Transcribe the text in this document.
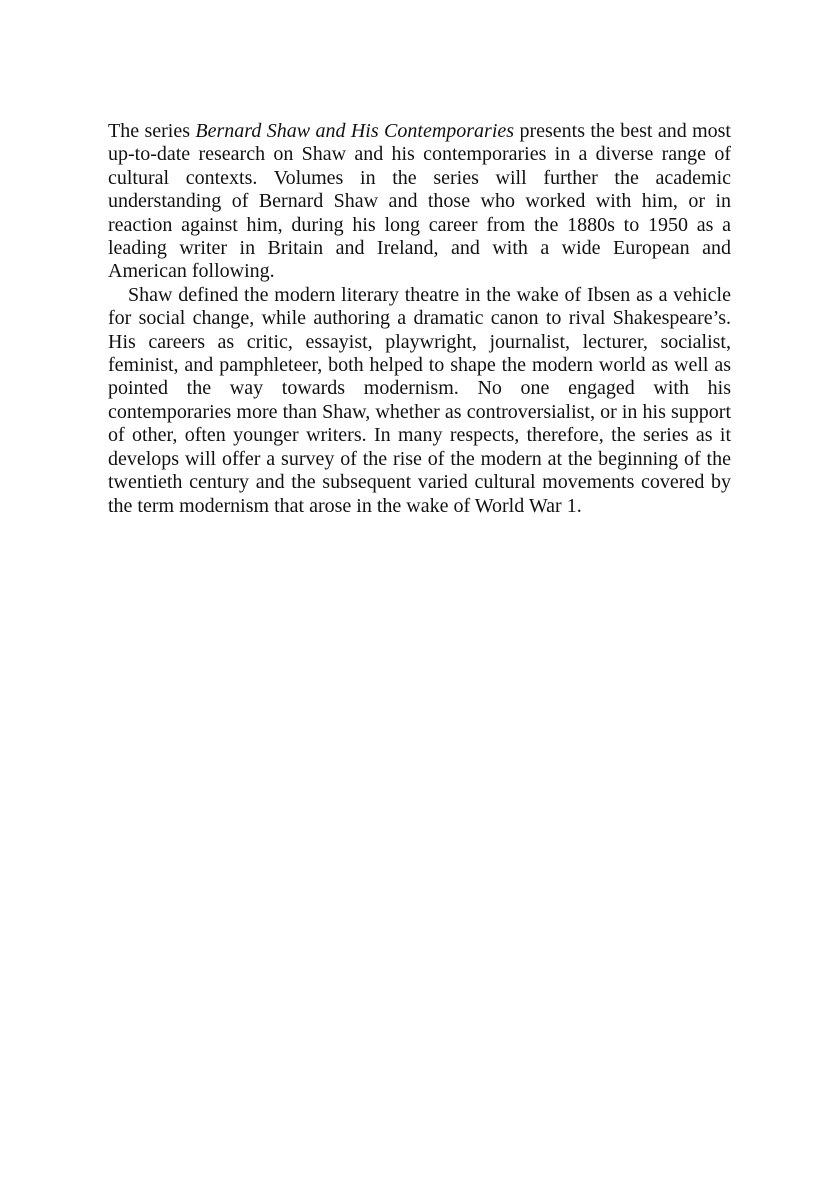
The series Bernard Shaw and His Contemporaries presents the best and most up-to-date research on Shaw and his contemporaries in a diverse range of cultural contexts. Volumes in the series will further the academic understanding of Bernard Shaw and those who worked with him, or in reaction against him, during his long career from the 1880s to 1950 as a leading writer in Britain and Ireland, and with a wide European and American following.

Shaw defined the modern literary theatre in the wake of Ibsen as a vehicle for social change, while authoring a dramatic canon to rival Shakespeare’s. His careers as critic, essayist, playwright, journalist, lecturer, socialist, feminist, and pamphleteer, both helped to shape the modern world as well as pointed the way towards modernism. No one engaged with his contemporaries more than Shaw, whether as controversialist, or in his support of other, often younger writers. In many respects, therefore, the series as it develops will offer a survey of the rise of the modern at the beginning of the twentieth century and the subsequent varied cultural movements covered by the term modernism that arose in the wake of World War 1.
